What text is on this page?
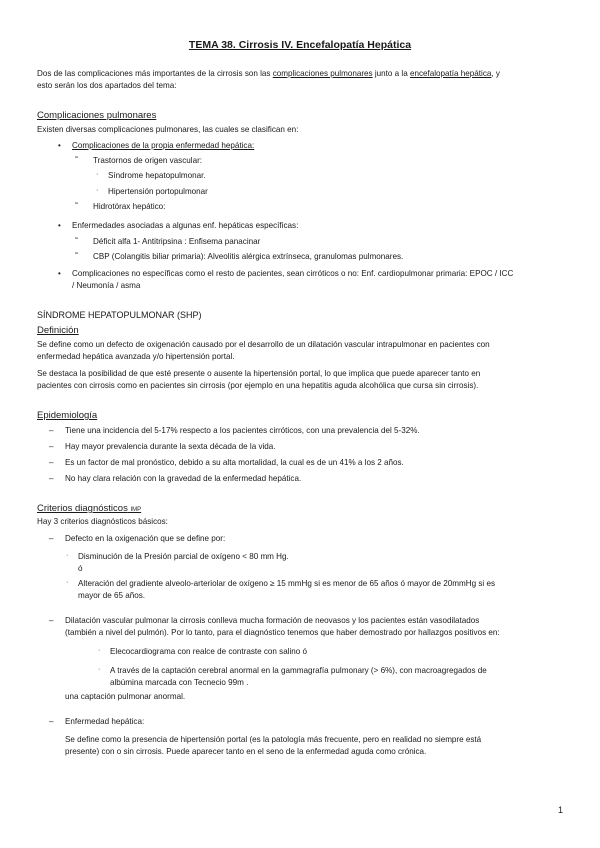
TEMA 38. Cirrosis IV. Encefalopatía Hepática
Dos de las complicaciones más importantes de la cirrosis son las complicaciones pulmonares junto a la encefalopatía hepática, y
esto serán los dos apartados del tema:
Complicaciones pulmonares
Existen diversas complicaciones pulmonares, las cuales se clasifican en:
• Complicaciones de la propia enfermedad hepática:
˜ Trastornos de origen vascular:
· Síndrome hepatopulmonar.
· Hipertensión portopulmonar
˜ Hidrotórax hepático:
• Enfermedades asociadas a algunas enf. hepáticas específicas:
˜ Déficit alfa 1- Antitripsina : Enfisema panacinar
˜ CBP (Colangitis biliar primaria): Alveolitis alérgica extrínseca, granulomas pulmonares.
• Complicaciones no específicas como el resto de pacientes, sean cirróticos o no: Enf. cardiopulmonar primaria: EPOC / ICC
/ Neumonía / asma
SÍNDROME HEPATOPULMONAR (SHP)
Definición
Se define como un defecto de oxigenación causado por el desarrollo de un dilatación vascular intrapulmonar en pacientes con
enfermedad hepática avanzada y/o hipertensión portal.
Se destaca la posibilidad de que esté presente o ausente la hipertensión portal, lo que implica que puede aparecer tanto en
pacientes con cirrosis como en pacientes sin cirrosis (por ejemplo en una hepatitis aguda alcohólica que cursa sin cirrosis).
Epidemiología
– Tiene una incidencia del 5-17% respecto a los pacientes cirróticos, con una prevalencia del 5-32%.
– Hay mayor prevalencia durante la sexta década de la vida.
– Es un factor de mal pronóstico, debido a su alta mortalidad, la cual es de un 41% a los 2 años.
– No hay clara relación con la gravedad de la enfermedad hepática.
Criterios diagnósticos IMP
Hay 3 criterios diagnósticos básicos:
– Defecto en la oxigenación que se define por:
· Disminución de la Presión parcial de oxígeno < 80 mm Hg.
ó
· Alteración del gradiente alveolo-arteriolar de oxígeno ≥ 15 mmHg si es menor de 65 años ó mayor de 20mmHg si es
mayor de 65 años.
– Dilatación vascular pulmonar la cirrosis conlleva mucha formación de neovasos y los pacientes están vasodilatados
(también a nivel del pulmón). Por lo tanto, para el diagnóstico tenemos que haber demostrado por hallazgos positivos en:
· Elecocardiograma con realce de contraste con salino ó
· A través de la captación cerebral anormal en la gammagrafía pulmonary (> 6%), con macroagregados de
albúmina marcada con Tecnecio 99m .
una captación pulmonar anormal.
– Enfermedad hepática:
Se define como la presencia de hipertensión portal (es la patología más frecuente, pero en realidad no siempre está
presente) con o sin cirrosis. Puede aparecer tanto en el seno de la enfermedad aguda como crónica.
1
